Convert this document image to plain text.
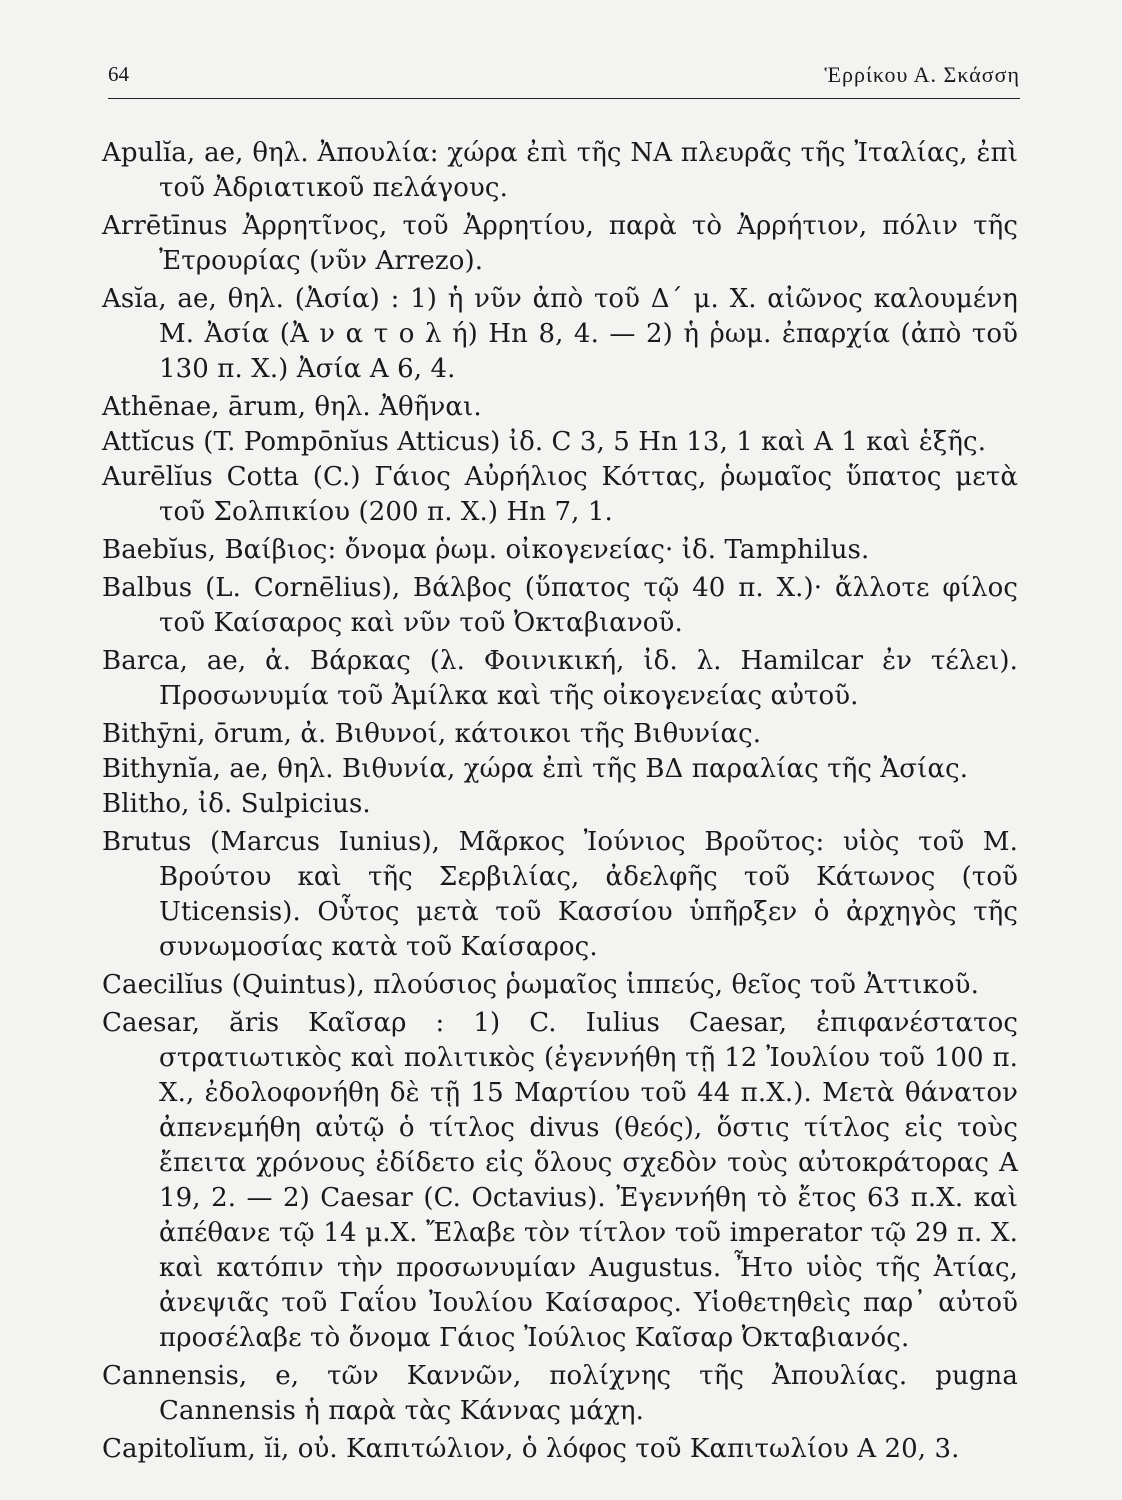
64	Ἑρρίκου Α. Σκάσση

Apulĭa, ae, θηλ. Ἀπουλία: χώρα ἐπὶ τῆς ΝΑ πλευρᾶς τῆς Ἰταλίας, ἐπὶ τοῦ Ἀδριατικοῦ πελάγους.

Arrētīnus Ἀρρητῖνος, τοῦ Ἀρρητίου, παρὰ τὸ Ἀρρήτιον, πόλιν τῆς Ἐτρουρίας (νῦν Arrezo).

Asĭa, ae, θηλ. (Ἀσία) : 1) ἡ νῦν ἀπὸ τοῦ Δ΄ μ. Χ. αἰῶνος καλουμένη Μ. Ἀσία (Ἀ ν α τ ο λ ή) Hn 8, 4. — 2) ἡ ῥωμ. ἐπαρχία (ἀπὸ τοῦ 130 π. Χ.) Ἀσία A 6, 4.

Athēnae, ārum, θηλ. Ἀθῆναι.

Attĭcus (T. Pompōnĭus Atticus) ἰδ. C 3, 5 Hn 13, 1 καὶ A 1 καὶ ἑξῆς.

Aurēlĭus Cotta (C.) Γάιος Αὐρήλιος Κόττας, ῥωμαῖος ὕπατος μετὰ τοῦ Σολπικίου (200 π. Χ.) Hn 7, 1.

Baebĭus, Βαίβιος: ὄνομα ῥωμ. οἰκογενείας· ἰδ. Tamphilus.

Balbus (L. Cornēlius), Βάλβος (ὕπατος τῷ 40 π. Χ.)· ἄλλοτε φίλος τοῦ Καίσαρος καὶ νῦν τοῦ Ὀκταβιανοῦ.

Barca, ae, ἀ. Βάρκας (λ. Φοινικική, ἰδ. λ. Hamilcar ἐν τέλει). Προσωνυμία τοῦ Ἀμίλκα καὶ τῆς οἰκογενείας αὐτοῦ.

Bithȳni, ōrum, ἀ. Βιθυνοί, κάτοικοι τῆς Βιθυνίας.

Bithynĭa, ae, θηλ. Βιθυνία, χώρα ἐπὶ τῆς ΒΔ παραλίας τῆς Ἀσίας.

Blitho, ἰδ. Sulpicius.

Brutus (Marcus Iunius), Μᾶρκος Ἰούνιος Βροῦτος: υἱὸς τοῦ Μ. Βρούτου καὶ τῆς Σερβιλίας, ἀδελφῆς τοῦ Κάτωνος (τοῦ Uticensis). Οὗτος μετὰ τοῦ Κασσίου ὑπῆρξεν ὁ ἀρχηγὸς τῆς συνωμοσίας κατὰ τοῦ Καίσαρος.

Caecilĭus (Quintus), πλούσιος ῥωμαῖος ἱππεύς, θεῖος τοῦ Ἀττικοῦ.

Caesar, ăris Καῖσαρ : 1) C. Iulius Caesar, ἐπιφανέστατος στρατιωτικὸς καὶ πολιτικὸς (ἐγεννήθη τῇ 12 Ἰουλίου τοῦ 100 π. Χ., ἐδολοφονήθη δὲ τῇ 15 Μαρτίου τοῦ 44 π.Χ.). Μετὰ θάνατον ἀπενεμήθη αὐτῷ ὁ τίτλος divus (θεός), ὅστις τίτλος εἰς τοὺς ἔπειτα χρόνους ἐδίδετο εἰς ὅλους σχεδὸν τοὺς αὐτοκράτορας A 19, 2. — 2) Caesar (C. Octavius). Ἐγεννήθη τὸ ἔτος 63 π.Χ. καὶ ἀπέθανε τῷ 14 μ.Χ. Ἔλαβε τὸν τίτλον τοῦ imperator τῷ 29 π. Χ. καὶ κατόπιν τὴν προσωνυμίαν Augustus. Ἦτο υἱὸς τῆς Ἀτίας, ἀνεψιᾶς τοῦ Γαΐου Ἰουλίου Καίσαρος. Υἱοθετηθεὶς παρ᾽ αὐτοῦ προσέλαβε τὸ ὄνομα Γάιος Ἰούλιος Καῖσαρ Ὀκταβιανός.

Cannensis, e, τῶν Καννῶν, πολίχνης τῆς Ἀπουλίας. pugna Cannensis ἡ παρὰ τὰς Κάννας μάχη.

Capitolĭum, ĭi, οὐ. Καπιτώλιον, ὁ λόφος τοῦ Καπιτωλίου A 20, 3.
